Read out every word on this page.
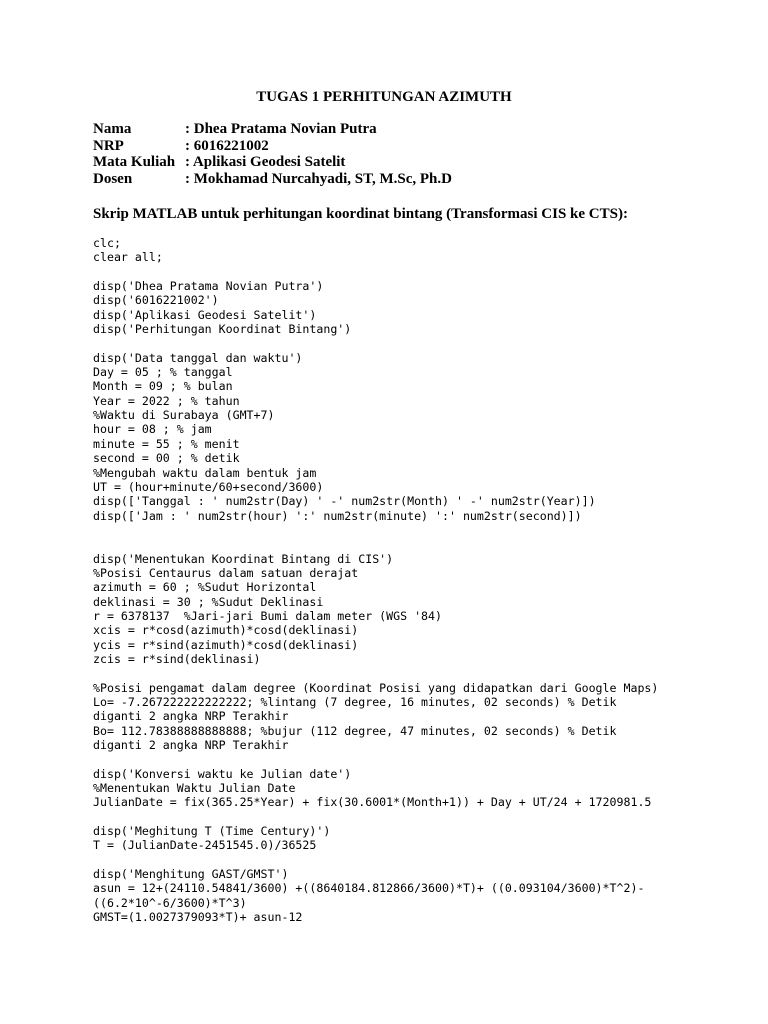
TUGAS 1 PERHITUNGAN AZIMUTH
Nama	: Dhea Pratama Novian Putra
NRP	: 6016221002
Mata Kuliah : Aplikasi Geodesi Satelit
Dosen	: Mokhamad Nurcahyadi, ST, M.Sc, Ph.D
Skrip MATLAB untuk perhitungan koordinat bintang (Transformasi CIS ke CTS):
clc;
clear all;
disp('Dhea Pratama Novian Putra')
disp('6016221002')
disp('Aplikasi Geodesi Satelit')
disp('Perhitungan Koordinat Bintang')
disp('Data tanggal dan waktu')
Day = 05 ; % tanggal
Month = 09 ; % bulan
Year = 2022 ; % tahun
%Waktu di Surabaya (GMT+7)
hour = 08 ; % jam
minute = 55 ; % menit
second = 00 ; % detik
%Mengubah waktu dalam bentuk jam
UT = (hour+minute/60+second/3600)
disp(['Tanggal : ' num2str(Day) ' -' num2str(Month) ' -' num2str(Year)])
disp(['Jam : ' num2str(hour) ':' num2str(minute) ':' num2str(second)])
disp('Menentukan Koordinat Bintang di CIS')
%Posisi Centaurus dalam satuan derajat
azimuth = 60 ; %Sudut Horizontal
deklinasi = 30 ; %Sudut Deklinasi
r = 6378137  %Jari-jari Bumi dalam meter (WGS '84)
xcis = r*cosd(azimuth)*cosd(deklinasi)
ycis = r*sind(azimuth)*cosd(deklinasi)
zcis = r*sind(deklinasi)
%Posisi pengamat dalam degree (Koordinat Posisi yang didapatkan dari Google Maps)
Lo= -7.267222222222222; %lintang (7 degree, 16 minutes, 02 seconds) % Detik
diganti 2 angka NRP Terakhir
Bo= 112.78388888888888; %bujur (112 degree, 47 minutes, 02 seconds) % Detik
diganti 2 angka NRP Terakhir
disp('Konversi waktu ke Julian date')
%Menentukan Waktu Julian Date
JulianDate = fix(365.25*Year) + fix(30.6001*(Month+1)) + Day + UT/24 + 1720981.5
disp('Meghitung T (Time Century)')
T = (JulianDate-2451545.0)/36525
disp('Menghitung GAST/GMST')
asun = 12+(24110.54841/3600) +((8640184.812866/3600)*T)+ ((0.093104/3600)*T^2)-
((6.2*10^-6/3600)*T^3)
GMST=(1.0027379093*T)+ asun-12
